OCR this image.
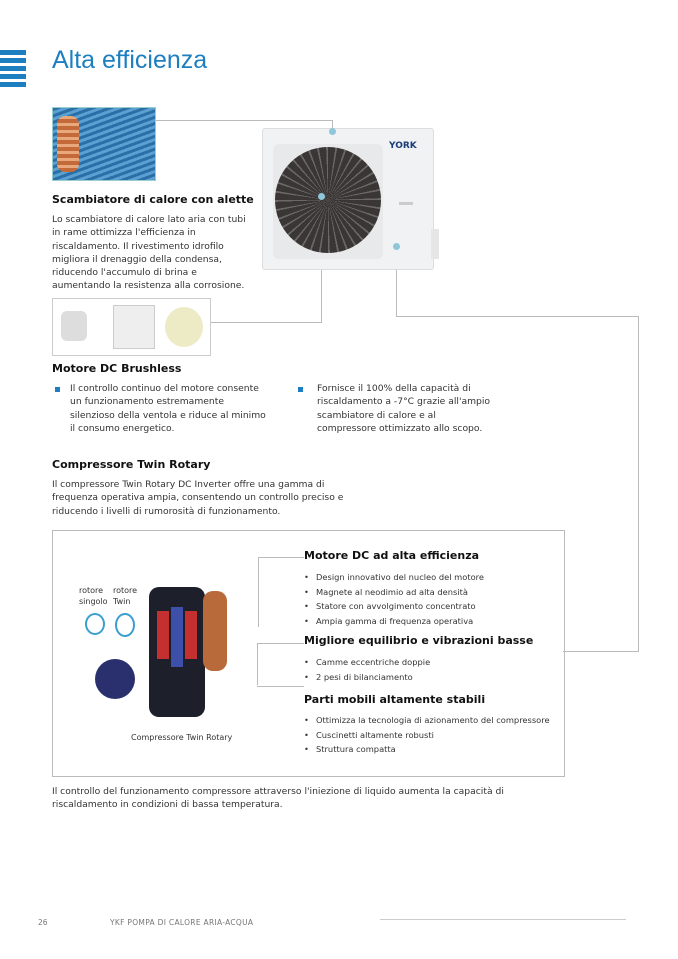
Alta efficienza
YORK
Scambiatore di calore con alette
Lo scambiatore di calore lato aria con tubi in rame ottimizza l'efficienza in riscaldamento. Il rivestimento idrofilo migliora il drenaggio della condensa, riducendo l'accumulo di brina e aumentando la resistenza alla corrosione.
Motore DC Brushless
Il controllo continuo del motore consente un funzionamento estremamente silenzioso della ventola e riduce al minimo il consumo energetico.
Fornisce il 100% della capacità di riscaldamento a -7°C grazie all'ampio scambiatore di calore e al compressore ottimizzato allo scopo.
Compressore Twin Rotary
Il compressore Twin Rotary DC Inverter offre una gamma di frequenza operativa ampia, consentendo un controllo preciso e riducendo i livelli di rumorosità di funzionamento.
rotore singolo
rotore Twin
Compressore Twin Rotary
Motore DC ad alta efficienza
• Design innovativo del nucleo del motore
• Magnete al neodimio ad alta densità
• Statore con avvolgimento concentrato
• Ampia gamma di frequenza operativa
Migliore equilibrio e vibrazioni basse
• Camme eccentriche doppie
• 2 pesi di bilanciamento
Parti mobili altamente stabili
• Ottimizza la tecnologia di azionamento del compressore
• Cuscinetti altamente robusti
• Struttura compatta
Il controllo del funzionamento compressore attraverso l'iniezione di liquido aumenta la capacità di riscaldamento in condizioni di bassa temperatura.
26	YKF POMPA DI CALORE ARIA-ACQUA
